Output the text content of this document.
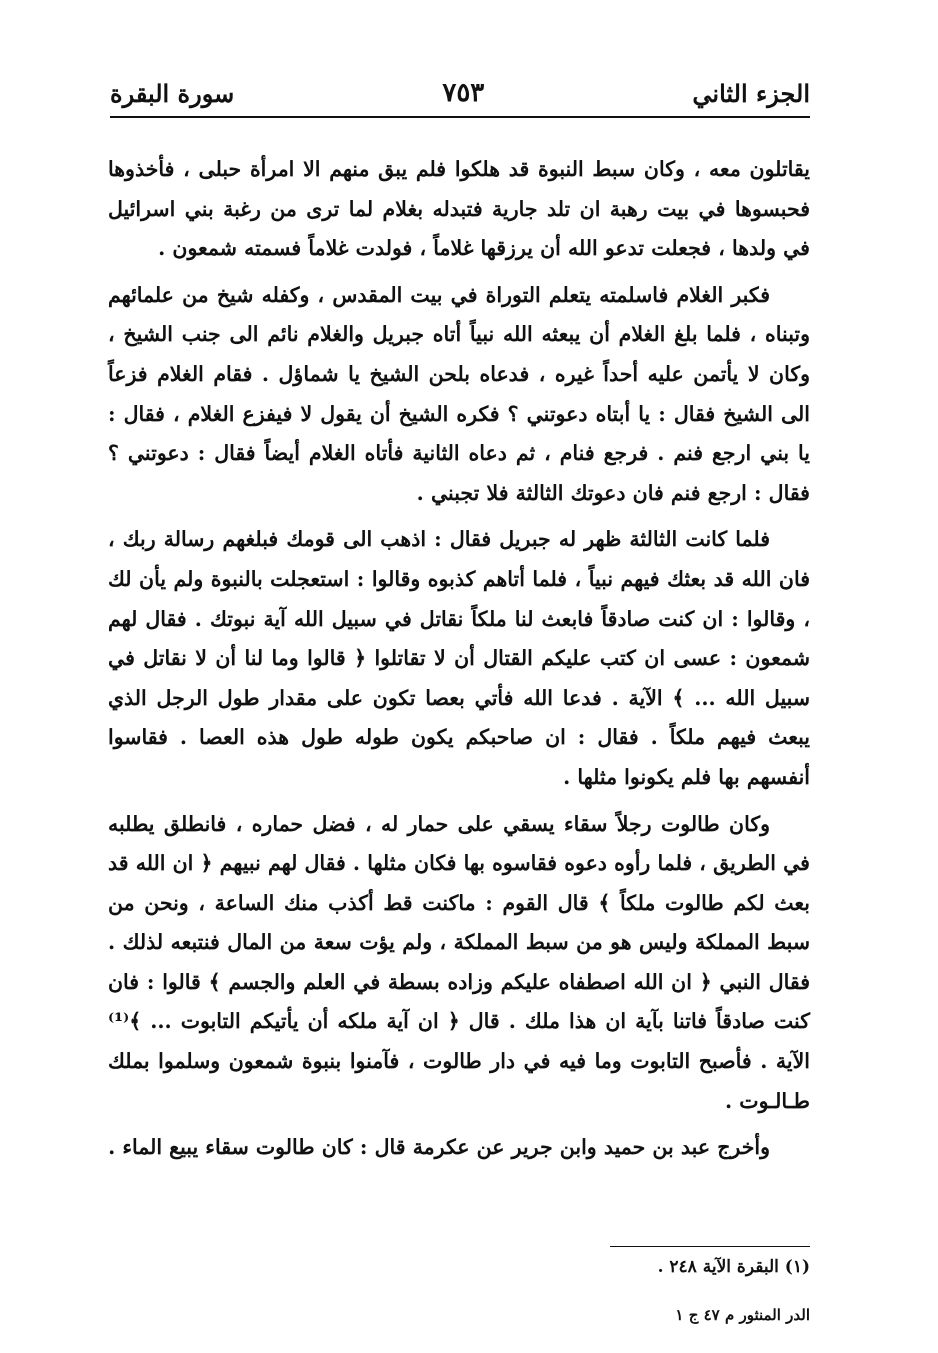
الجزء الثاني
٧٥٣
سورة البقرة

يقاتلون معه ، وكان سبط النبوة قد هلكوا فلم يبق منهم الا امرأة حبلى ، فأخذوها فحبسوها في بيت رهبة ان تلد جارية فتبدله بغلام لما ترى من رغبة بني اسرائيل في ولدها ، فجعلت تدعو الله أن يرزقها غلاماً ، فولدت غلاماً فسمته شمعون .

فكبر الغلام فاسلمته يتعلم التوراة في بيت المقدس ، وكفله شيخ من علمائهم وتبناه ، فلما بلغ الغلام أن يبعثه الله نبياً أتاه جبريل والغلام نائم الى جنب الشيخ ، وكان لا يأتمن عليه أحداً غيره ، فدعاه بلحن الشيخ يا شماؤل . فقام الغلام فزعاً الى الشيخ فقال : يا أبتاه دعوتني ؟ فكره الشيخ أن يقول لا فيفزع الغلام ، فقال : يا بني ارجع فنم . فرجع فنام ، ثم دعاه الثانية فأتاه الغلام أيضاً فقال : دعوتني ؟ فقال : ارجع فنم فان دعوتك الثالثة فلا تجبني .

فلما كانت الثالثة ظهر له جبريل فقال : اذهب الى قومك فبلغهم رسالة ربك ، فان الله قد بعثك فيهم نبياً ، فلما أتاهم كذبوه وقالوا : استعجلت بالنبوة ولم يأن لك ، وقالوا : ان كنت صادقاً فابعث لنا ملكاً نقاتل في سبيل الله آية نبوتك . فقال لهم شمعون : عسى ان كتب عليكم القتال أن لا تقاتلوا ﴿ قالوا وما لنا أن لا نقاتل في سبيل الله ... ﴾ الآية . فدعا الله فأتي بعصا تكون على مقدار طول الرجل الذي يبعث فيهم ملكاً . فقال : ان صاحبكم يكون طوله طول هذه العصا . فقاسوا أنفسهم بها فلم يكونوا مثلها .

وكان طالوت رجلاً سقاء يسقي على حمار له ، فضل حماره ، فانطلق يطلبه في الطريق ، فلما رأوه دعوه فقاسوه بها فكان مثلها . فقال لهم نبيهم ﴿ ان الله قد بعث لكم طالوت ملكاً ﴾ قال القوم : ماكنت قط أكذب منك الساعة ، ونحن من سبط المملكة وليس هو من سبط المملكة ، ولم يؤت سعة من المال فنتبعه لذلك . فقال النبي ﴿ ان الله اصطفاه عليكم وزاده بسطة في العلم والجسم ﴾ قالوا : فان كنت صادقاً فاتنا بآية ان هذا ملك . قال ﴿ ان آية ملكه أن يأتيكم التابوت ... ﴾⁽¹⁾ الآية . فأصبح التابوت وما فيه في دار طالوت ، فآمنوا بنبوة شمعون وسلموا بملك طـالـوت .

وأخرج عبد بن حميد وابن جرير عن عكرمة قال : كان طالوت سقاء يبيع الماء .

(١) البقرة الآية ٢٤٨ .
الدر المنثور م ٤٧ ج ١
